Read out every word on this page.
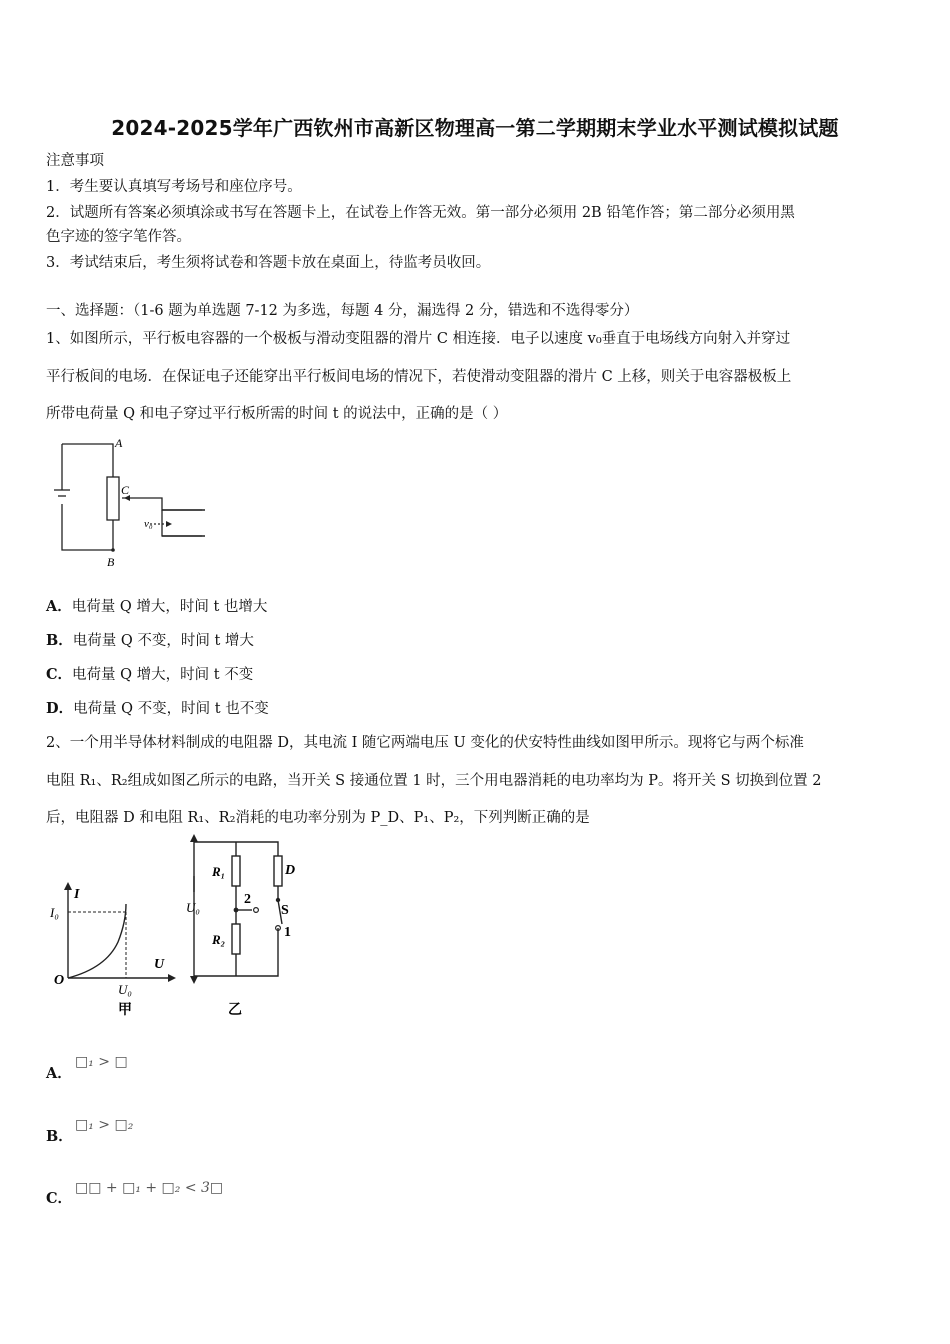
2024-2025学年广西钦州市高新区物理高一第二学期期末学业水平测试模拟试题
注意事项
1．考生要认真填写考场号和座位序号。
2．试题所有答案必须填涂或书写在答题卡上，在试卷上作答无效。第一部分必须用 2B 铅笔作答；第二部分必须用黑
色字迹的签字笔作答。
3．考试结束后，考生须将试卷和答题卡放在桌面上，待监考员收回。
一、选择题：（1-6 题为单选题 7-12 为多选，每题 4 分，漏选得 2 分，错选和不选得零分）
1、如图所示，平行板电容器的一个极板与滑动变阻器的滑片 C 相连接．电子以速度 v₀垂直于电场线方向射入并穿过
平行板间的电场．在保证电子还能穿出平行板间电场的情况下，若使滑动变阻器的滑片 C 上移，则关于电容器极板上
所带电荷量 Q 和电子穿过平行板所需的时间 t 的说法中，正确的是（ ）
A
C
B
v₀
A．电荷量 Q 增大，时间 t 也增大
B．电荷量 Q 不变，时间 t 增大
C．电荷量 Q 增大，时间 t 不变
D．电荷量 Q 不变，时间 t 也不变
2、一个用半导体材料制成的电阻器 D，其电流 I 随它两端电压 U 变化的伏安特性曲线如图甲所示。现将它与两个标准
电阻 R₁、R₂组成如图乙所示的电路，当开关 S 接通位置 1 时，三个用电器消耗的电功率均为 P。将开关 S 切换到位置 2
后，电阻器 D 和电阻 R₁、R₂消耗的电功率分别为 P_D、P₁、P₂，下列判断正确的是
I
I₀
O
U
U₀
甲
R₁
R₂
D
S
2
1
U₀
乙
A．
□₁ > □
B．
□₁ > □₂
C．
□□ + □₁ + □₂ < 3□
